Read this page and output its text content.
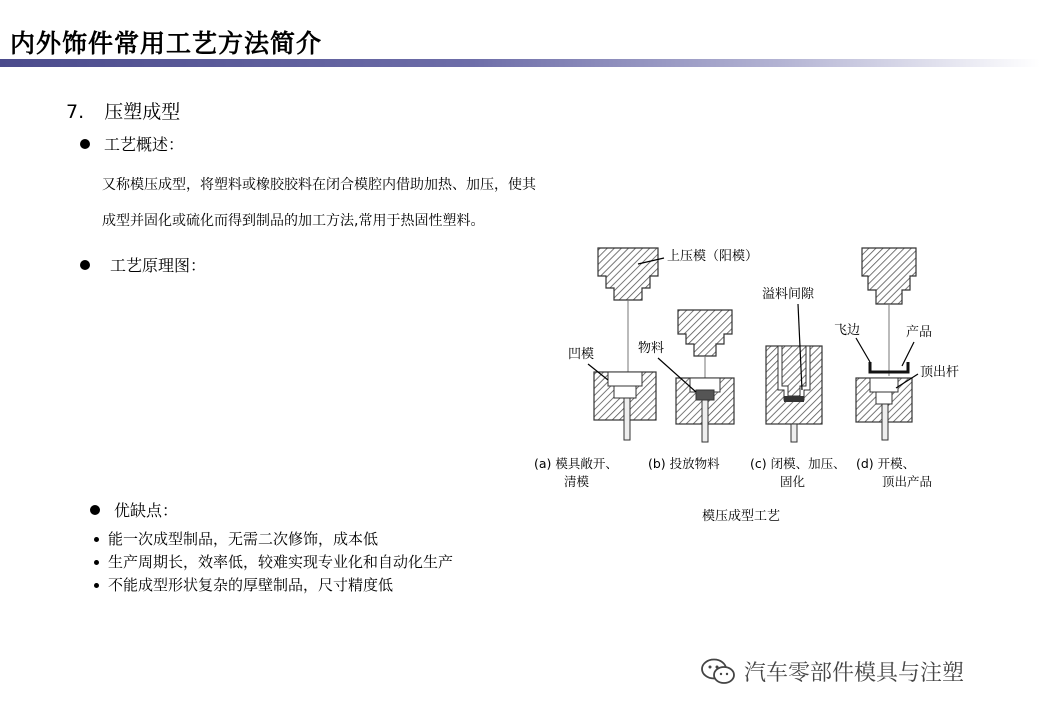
内外饰件常用工艺方法简介
7. 压塑成型
工艺概述：
又称模压成型，将塑料或橡胶胶料在闭合模腔内借助加热、加压，使其
成型并固化或硫化而得到制品的加工方法,常用于热固性塑料。
工艺原理图：	上压模（阳模）
溢料间隙
凹模	物料
飞边	产品
顶出杆
(a) 模具敞开、
清模
(b) 投放物料 (c) 闭模、加压、
固化
(d) 开模、
顶出产品
模压成型工艺
优缺点：
能一次成型制品，无需二次修饰，成本低
生产周期长，效率低，较难实现专业化和自动化生产
不能成型形状复杂的厚壁制品，尺寸精度低
汽车零部件模具与注塑
